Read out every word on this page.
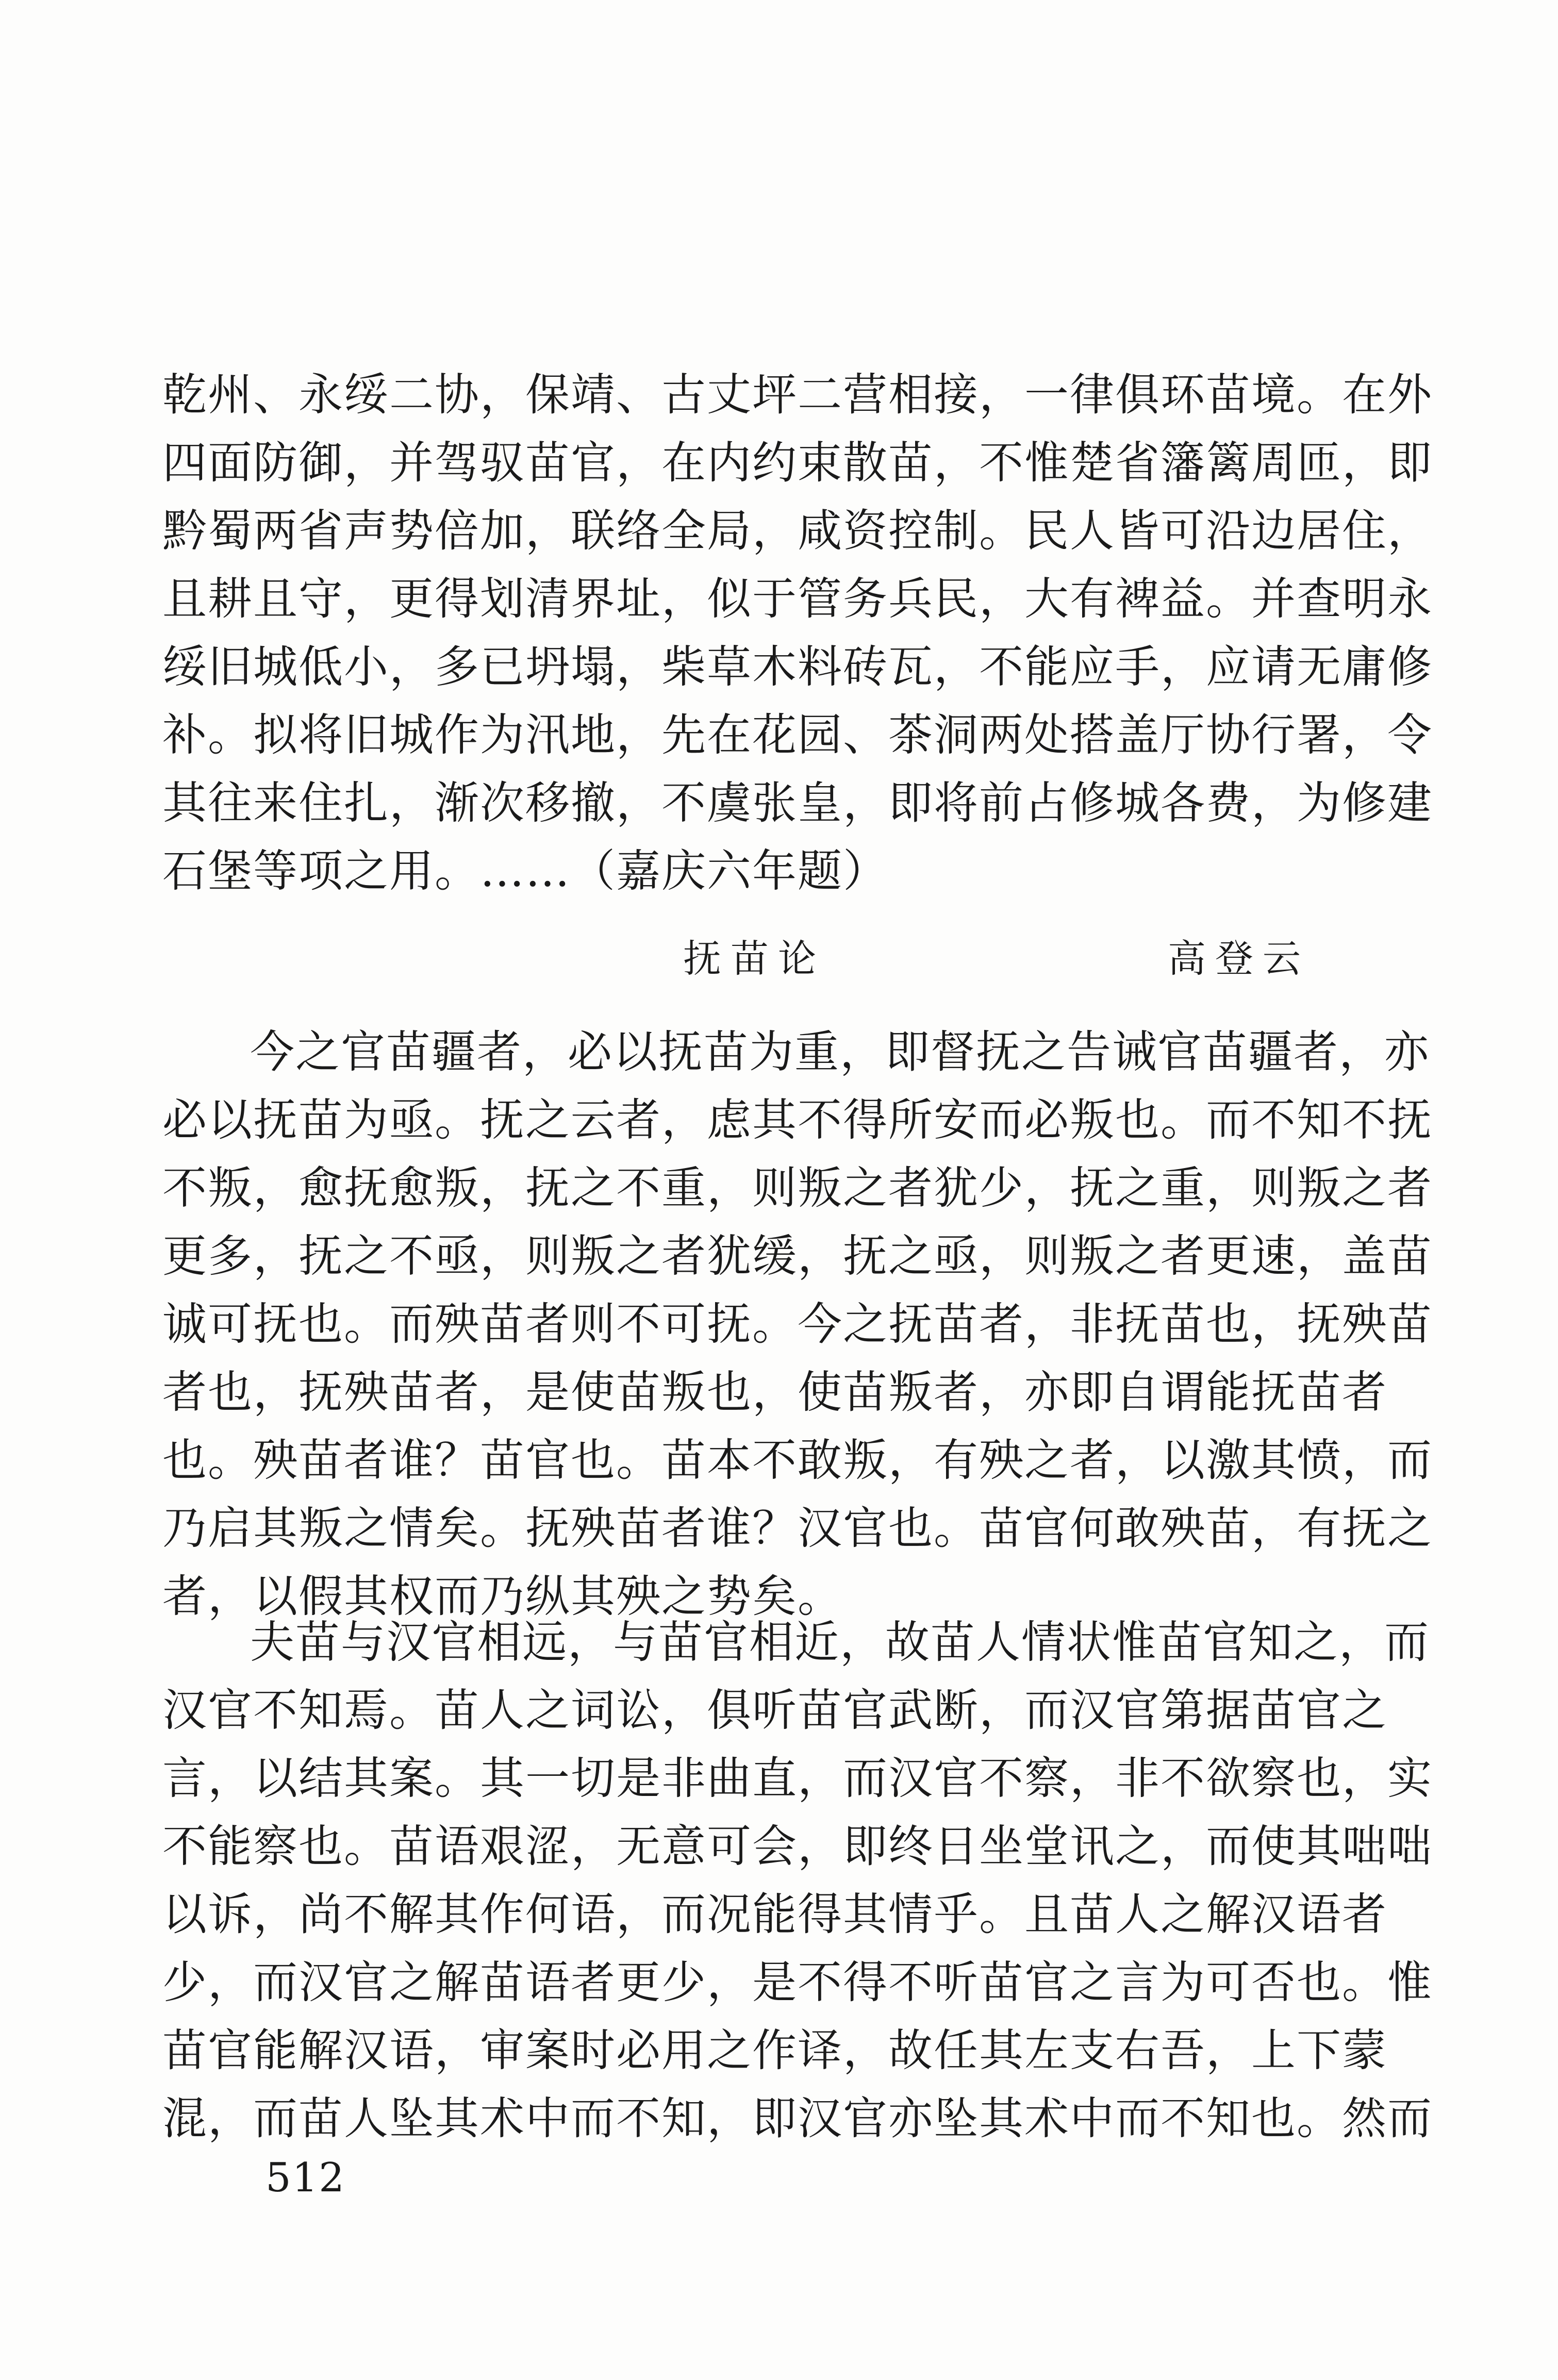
乾州、永绥二协，保靖、古丈坪二营相接，一律俱环苗境。在外
四面防御，并驾驭苗官，在内约束散苗，不惟楚省籓篱周匝，即
黔蜀两省声势倍加，联络全局，咸资控制。民人皆可沿边居住，
且耕且守，更得划清界址，似于管务兵民，大有裨益。并查明永
绥旧城低小，多已坍塌，柴草木料砖瓦，不能应手，应请无庸修
补。拟将旧城作为汛地，先在花园、茶洞两处搭盖厅协行署，令
其往来住扎，渐次移撤，不虞张皇，即将前占修城各费，为修建
石堡等项之用。……（嘉庆六年题）
抚苗论	高登云
今之官苗疆者，必以抚苗为重，即督抚之告诫官苗疆者，亦
必以抚苗为亟。抚之云者，虑其不得所安而必叛也。而不知不抚
不叛，愈抚愈叛，抚之不重，则叛之者犹少，抚之重，则叛之者
更多，抚之不亟，则叛之者犹缓，抚之亟，则叛之者更速，盖苗
诚可抚也。而殃苗者则不可抚。今之抚苗者，非抚苗也，抚殃苗
者也，抚殃苗者，是使苗叛也，使苗叛者，亦即自谓能抚苗者
也。殃苗者谁？苗官也。苗本不敢叛，有殃之者，以激其愤，而
乃启其叛之情矣。抚殃苗者谁？汉官也。苗官何敢殃苗，有抚之
者，以假其权而乃纵其殃之势矣。
夫苗与汉官相远，与苗官相近，故苗人情状惟苗官知之，而
汉官不知焉。苗人之词讼，俱听苗官武断，而汉官第据苗官之
言，以结其案。其一切是非曲直，而汉官不察，非不欲察也，实
不能察也。苗语艰涩，无意可会，即终日坐堂讯之，而使其咄咄
以诉，尚不解其作何语，而况能得其情乎。且苗人之解汉语者
少，而汉官之解苗语者更少，是不得不听苗官之言为可否也。惟
苗官能解汉语，审案时必用之作译，故任其左支右吾，上下蒙
混，而苗人坠其术中而不知，即汉官亦坠其术中而不知也。然而
512
